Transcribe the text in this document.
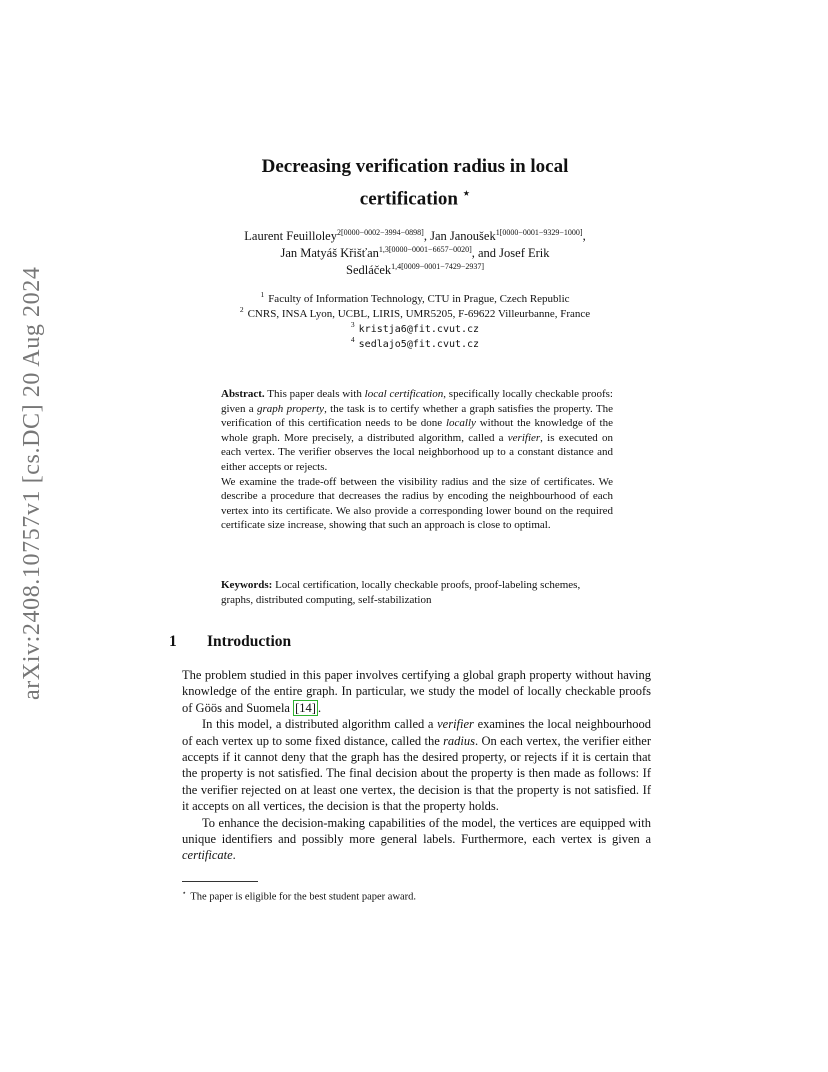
arXiv:2408.10757v1 [cs.DC] 20 Aug 2024
Decreasing verification radius in local
certification ⋆
Laurent Feuilloley$^{2[0000-0002-3994-0898]}$, Jan Janoušek$^{1[0000-0001-9329-1000]}$,
Jan Matyáš Křišťan$^{1,3[0000-0001-6657-0020]}$, and Josef Erik
Sedláček$^{1,4[0009-0001-7429-2937]}$
$^1$ Faculty of Information Technology, CTU in Prague, Czech Republic
$^2$ CNRS, INSA Lyon, UCBL, LIRIS, UMR5205, F-69622 Villeurbanne, France
$^3$ kristja6@fit.cvut.cz
$^4$ sedlajo5@fit.cvut.cz

Abstract. This paper deals with local certification, specifically locally checkable proofs: given a graph property, the task is to certify whether a graph satisfies the property. The verification of this certification needs to be done locally without the knowledge of the whole graph. More precisely, a distributed algorithm, called a verifier, is executed on each vertex. The verifier observes the local neighborhood up to a constant distance and either accepts or rejects.

We examine the trade-off between the visibility radius and the size of certificates. We describe a procedure that decreases the radius by encoding the neighbourhood of each vertex into its certificate. We also provide a corresponding lower bound on the required certificate size increase, showing that such an approach is close to optimal.

Keywords: Local certification, locally checkable proofs, proof-labeling schemes, graphs, distributed computing, self-stabilization
1 Introduction

The problem studied in this paper involves certifying a global graph property without having knowledge of the entire graph. In particular, we study the model of locally checkable proofs of Göös and Suomela [14] .

In this model, a distributed algorithm called a verifier examines the local neighbourhood of each vertex up to some fixed distance, called the radius. On each vertex, the verifier either accepts if it cannot deny that the graph has the desired property, or rejects if it is certain that the property is not satisfied. The final decision about the property is then made as follows: If the verifier rejected on at least one vertex, the decision is that the property is not satisfied. If it accepts on all vertices, the decision is that the property holds.

To enhance the decision-making capabilities of the model, the vertices are equipped with unique identifiers and possibly more general labels. Furthermore, each vertex is given a certificate.

⋆ The paper is eligible for the best student paper award.
